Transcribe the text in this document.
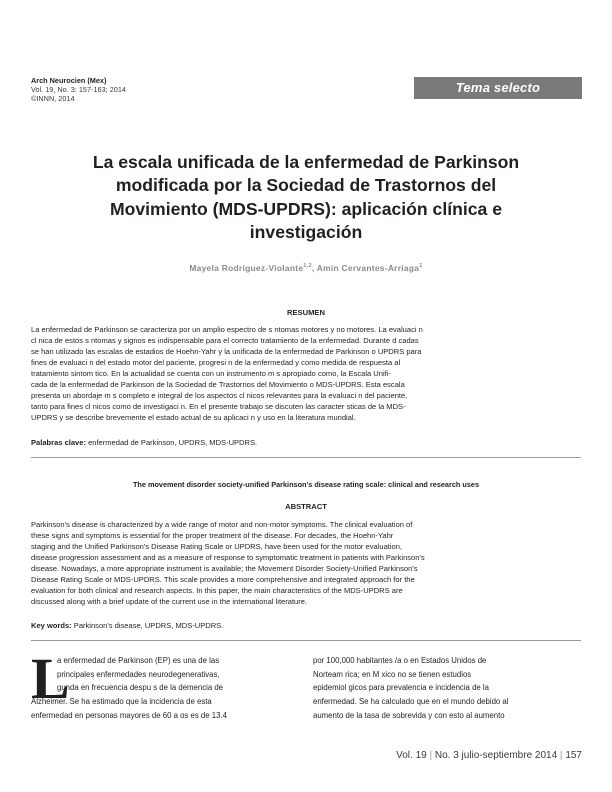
Arch Neurocien (Mex)
Vol. 19, No. 3: 157-163; 2014
©INNN, 2014
Tema selecto
La escala unificada de la enfermedad de Parkinson
modificada por la Sociedad de Trastornos del
Movimiento (MDS-UPDRS): aplicación clínica e
investigación
Mayela Rodríguez-Violante$^{1,2}$, Amin Cervantes-Arriaga$^1$
RESUMEN
La enfermedad de Parkinson se caracteriza por un amplio espectro de s ntomas motores y no motores. La evaluaci n
cl nica de estos s ntomas y signos es indispensable para el correcto tratamiento de la enfermedad. Durante d cadas
se han utilizado las escalas de estadios de Hoehn-Yahr y la unificada de la enfermedad de Parkinson o UPDRS para
fines de evaluaci n del estado motor del paciente, progresi n de la enfermedad y como medida de respuesta al
tratamiento sintom tico. En la actualidad se cuenta con un instrumento m s apropiado como, la Escala Unifi-
cada de la enfermedad de Parkinson de la Sociedad de Trastornos del Movimiento o MDS-UPDRS. Esta escala
presenta un abordaje m s completo e integral de los aspectos cl nicos relevantes para la evaluaci n del paciente,
tanto para fines cl nicos como de investigaci n. En el presente trabajo se discuten las caracter sticas de la MDS-
UPDRS y se describe brevemente el estado actual de su aplicaci n y uso en la literatura mundial.
Palabras clave: enfermedad de Parkinson, UPDRS, MDS-UPDRS.
The movement disorder society-unified Parkinson's disease rating scale: clinical and research uses
ABSTRACT
Parkinson's disease is characterized by a wide range of motor and non-motor symptoms. The clinical evaluation of
these signs and symptoms is essential for the proper treatment of the disease. For decades, the Hoehn-Yahr
staging and the Unified Parkinson's Disease Rating Scale or UPDRS, have been used for the motor evaluation,
disease progression assessment and as a measure of response to symptomatic treatment in patients with Parkinson's
disease. Nowadays, a more appropriate instrument is available; the Movement Disorder Society-Unified Parkinson's
Disease Rating Scale or MDS-UPDRS. This scale provides a more comprehensive and integrated approach for the
evaluation for both clinical and research aspects. In this paper, the main characteristics of the MDS-UPDRS are
discussed along with a brief update of the current use in the international literature.
Key words: Parkinson's disease, UPDRS, MDS-UPDRS.
L
a enfermedad de Parkinson (EP) es una de las
principales enfermedades neurodegenerativas,
gunda en frecuencia despu s de la demencia de
Alzheimer. Se ha estimado que la incidencia de esta
enfermedad en personas mayores de 60 a os es de 13.4
por 100,000 habitantes /a o en Estados Unidos de
Norteam rica; en M xico no se tienen estudios
epidemiol gicos para prevalencia e incidencia de la
enfermedad. Se ha calculado que en el mundo debido al
aumento de la tasa de sobrevida y con esto al aumento
Vol. 19 | No. 3 julio-septiembre 2014 | 157
